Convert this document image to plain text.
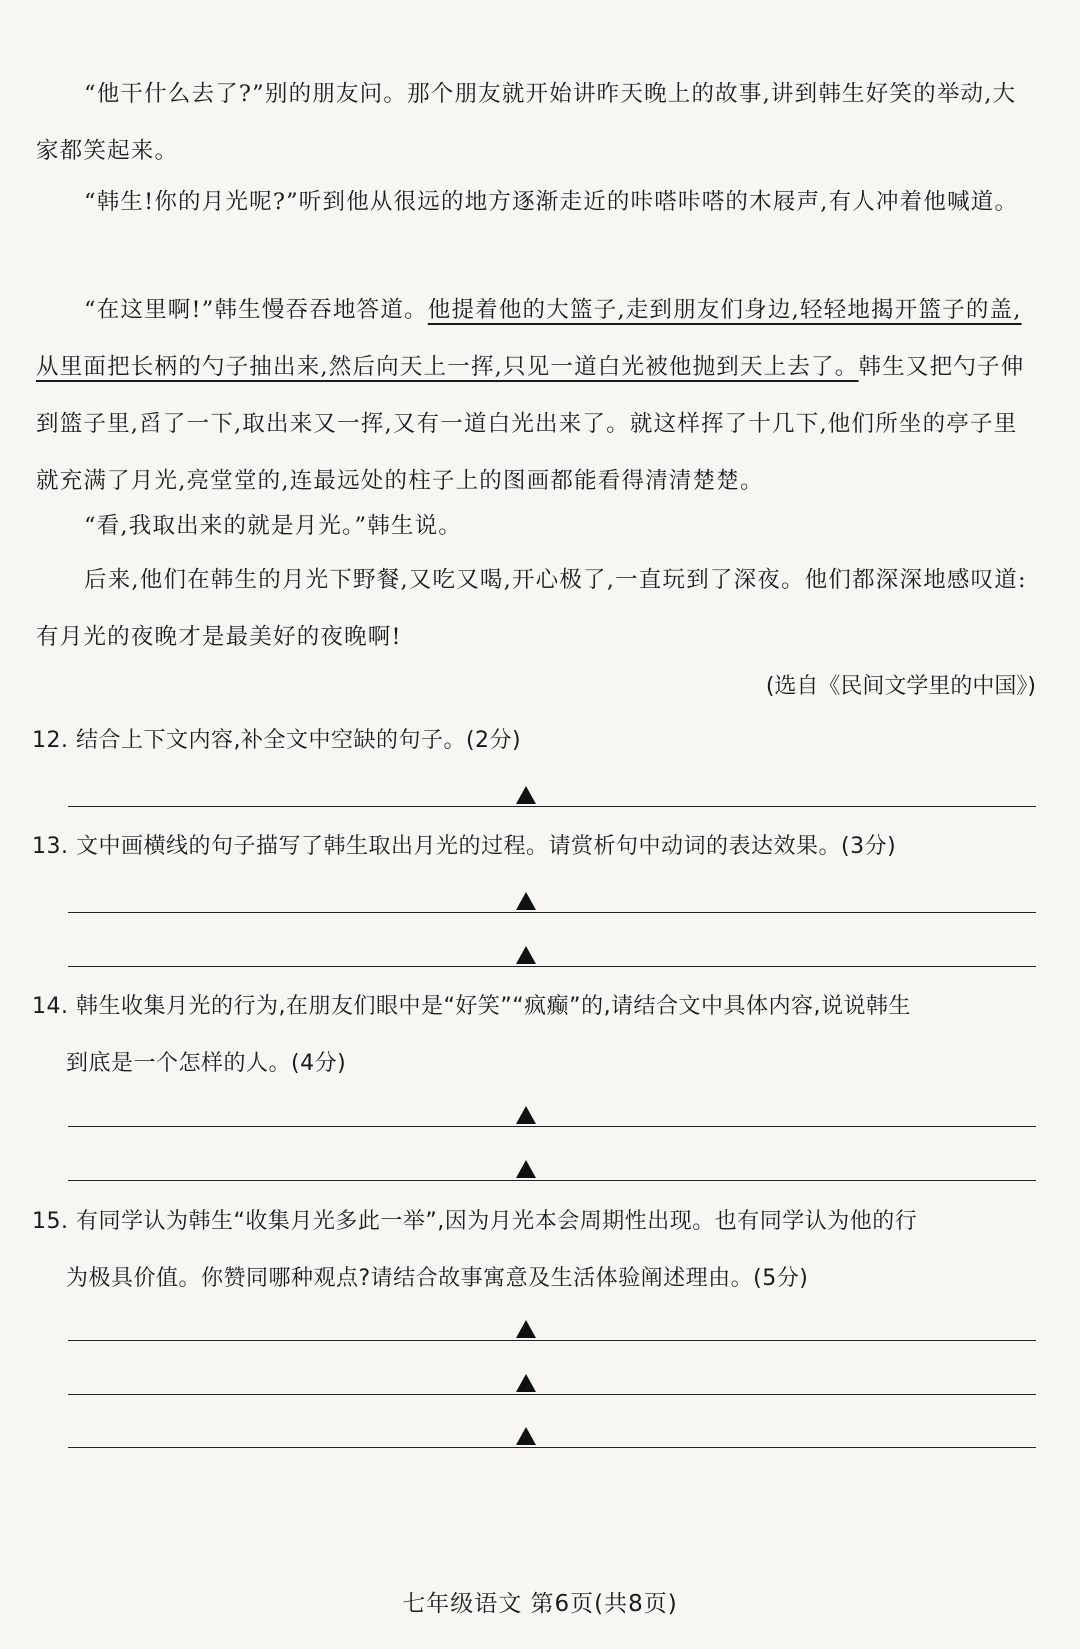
“他干什么去了?”别的朋友问。那个朋友就开始讲昨天晚上的故事,讲到韩生好笑的举动,大家都笑起来。

“韩生!你的月光呢?”听到他从很远的地方逐渐走近的咔嗒咔嗒的木屐声,有人冲着他喊道。

“在这里啊!”韩生慢吞吞地答道。他提着他的大篮子,走到朋友们身边,轻轻地揭开篮子的盖,从里面把长柄的勺子抽出来,然后向天上一挥,只见一道白光被他抛到天上去了。韩生又把勺子伸到篮子里,舀了一下,取出来又一挥,又有一道白光出来了。就这样挥了十几下,他们所坐的亭子里就充满了月光,亮堂堂的,连最远处的柱子上的图画都能看得清清楚楚。

“看,我取出来的就是月光。”韩生说。

后来,他们在韩生的月光下野餐,又吃又喝,开心极了,一直玩到了深夜。他们都深深地感叹道:有月光的夜晚才是最美好的夜晚啊!

(选自《民间文学里的中国》)

12. 结合上下文内容,补全文中空缺的句子。(2分)

13. 文中画横线的句子描写了韩生取出月光的过程。请赏析句中动词的表达效果。(3分)

14. 韩生收集月光的行为,在朋友们眼中是“好笑”“疯癫”的,请结合文中具体内容,说说韩生
到底是一个怎样的人。(4分)

15. 有同学认为韩生“收集月光多此一举”,因为月光本会周期性出现。也有同学认为他的行
为极具价值。你赞同哪种观点?请结合故事寓意及生活体验阐述理由。(5分)

七年级语文 第6页(共8页)
